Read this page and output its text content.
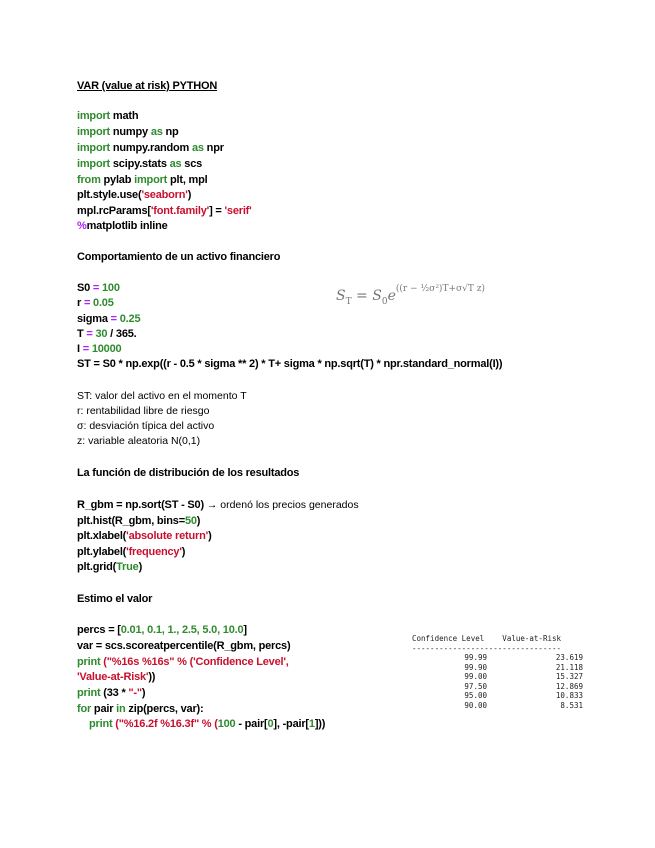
VAR (value at risk) PYTHON
import math
import numpy as np
import numpy.random as npr
import scipy.stats as scs
from pylab import plt, mpl
plt.style.use('seaborn')
mpl.rcParams['font.family'] = 'serif'
%matplotlib inline
Comportamiento de un activo financiero
S0 = 100
r = 0.05
sigma = 0.25
T = 30 / 365.
I = 10000
ST = S0 * np.exp((r - 0.5 * sigma ** 2) * T+ sigma * np.sqrt(T) * npr.standard_normal(I))
$S_T = S_0e^{((r - \frac{1}{2}\sigma^2)T+\sigma√T z)}$
ST: valor del activo en el momento T
r: rentabilidad libre de riesgo
σ: desviación típica del activo
z: variable aleatoria N(0,1)
La función de distribución de los resultados
R_gbm = np.sort(ST - S0) → ordenó los precios generados
plt.hist(R_gbm, bins=50)
plt.xlabel('absolute return')
plt.ylabel('frequency')
plt.grid(True)
Estimo el valor
percs = [0.01, 0.1, 1., 2.5, 5.0, 10.0]
var = scs.scoreatpercentile(R_gbm, percs)
print ("%16s %16s" % ('Confidence Level',
'Value-at-Risk'))
print (33 * "-")
for pair in zip(percs, var):
print ("%16.2f %16.3f" % (100 - pair[0], -pair[1]))
Confidence Level    Value-at-Risk
---------------------------------
99.99	23.619
99.90	21.118
99.00	15.327
97.50	12.869
95.00	10.833
90.00	8.531
